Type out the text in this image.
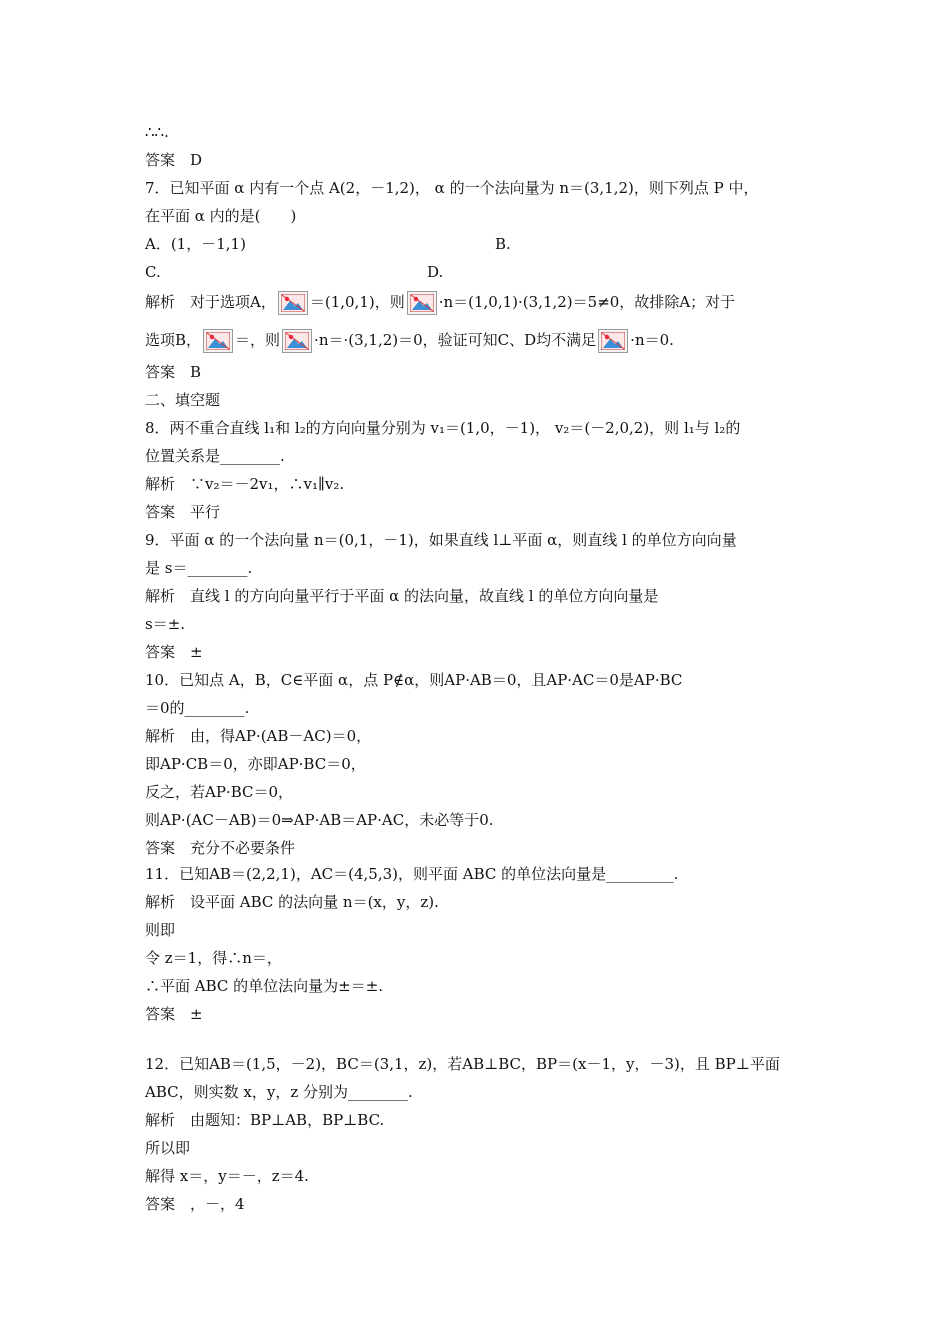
∴∴.
答案　D
7．已知平面 α 内有一个点 A(2，－1,2)， α 的一个法向量为 n＝(3,1,2)，则下列点 P 中，
在平面 α 内的是(　　)
A．(1，－1,1)	B.
C.	D.
解析　对于选项A， ＝(1,0,1)，则 ·n＝(1,0,1)·(3,1,2)＝5≠0，故排除A；对于
选项B， ＝，则 ·n＝·(3,1,2)＝0，验证可知C、D均不满足 ·n＝0.
答案　B
二、填空题
8．两不重合直线 l₁和 l₂的方向向量分别为 v₁＝(1,0，－1)， v₂＝(－2,0,2)，则 l₁与 l₂的
位置关系是________.
解析　∵v₂＝－2v₁，∴v₁∥v₂.
答案　平行
9．平面 α 的一个法向量 n＝(0,1，－1)，如果直线 l⊥平面 α，则直线 l 的单位方向向量
是 s＝________.
解析　直线 l 的方向向量平行于平面 α 的法向量，故直线 l 的单位方向向量是
s＝±.
答案　±
10．已知点 A，B，C∈平面 α，点 P∉α，则AP·AB＝0，且AP·AC＝0是AP·BC
＝0的________.
解析　由，得AP·(AB－AC)＝0，
即AP·CB＝0，亦即AP·BC＝0，
反之，若AP·BC＝0，
则AP·(AC－AB)＝0⇒AP·AB＝AP·AC，未必等于0.
答案　充分不必要条件
11．已知AB＝(2,2,1)，AC＝(4,5,3)，则平面 ABC 的单位法向量是_________.
解析　设平面 ABC 的法向量 n＝(x，y，z).
则即
令 z＝1，得∴n＝，
∴平面 ABC 的单位法向量为±＝±.
答案　±
12．已知AB＝(1,5，－2)，BC＝(3,1，z)，若AB⊥BC，BP＝(x－1，y，－3)，且 BP⊥平面
ABC，则实数 x，y，z 分别为________.
解析　由题知：BP⊥AB，BP⊥BC.
所以即
解得 x＝，y＝－，z＝4.
答案　，－，4
